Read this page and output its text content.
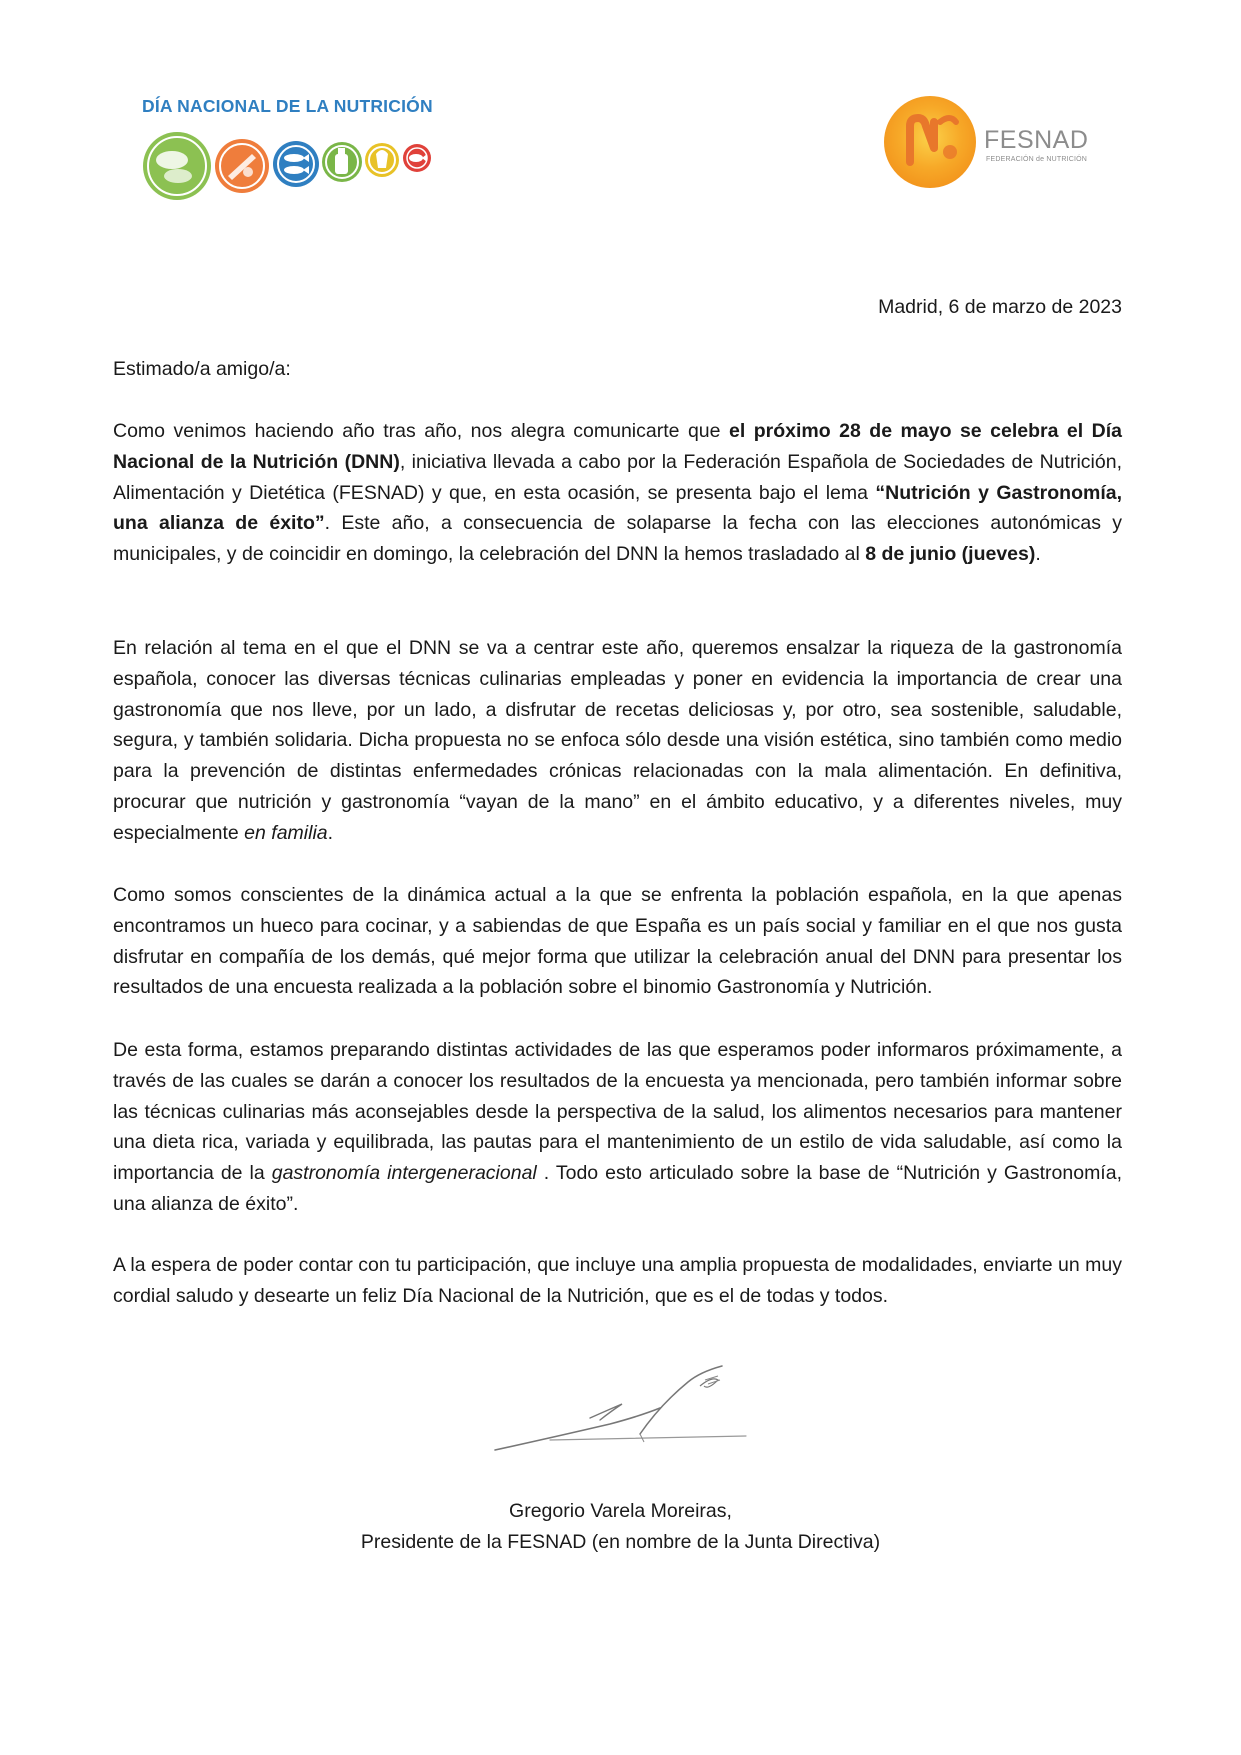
DÍA NACIONAL DE LA NUTRICIÓN
FESNAD
FEDERACIÓN de NUTRICIÓN
Madrid, 6 de marzo de 2023
Estimado/a amigo/a:

Como venimos haciendo año tras año, nos alegra comunicarte que el próximo 28 de mayo se celebra el Día Nacional de la Nutrición (DNN), iniciativa llevada a cabo por la Federación Española de Sociedades de Nutrición, Alimentación y Dietética (FESNAD) y que, en esta ocasión, se presenta bajo el lema “Nutrición y Gastronomía, una alianza de éxito”. Este año, a consecuencia de solaparse la fecha con las elecciones autonómicas y municipales, y de coincidir en domingo, la celebración del DNN la hemos trasladado al 8 de junio (jueves).

En relación al tema en el que el DNN se va a centrar este año, queremos ensalzar la riqueza de la gastronomía española, conocer las diversas técnicas culinarias empleadas y poner en evidencia la importancia de crear una gastronomía que nos lleve, por un lado, a disfrutar de recetas deliciosas y, por otro, sea sostenible, saludable, segura, y también solidaria. Dicha propuesta no se enfoca sólo desde una visión estética, sino también como medio para la prevención de distintas enfermedades crónicas relacionadas con la mala alimentación. En definitiva, procurar que nutrición y gastronomía “vayan de la mano” en el ámbito educativo, y a diferentes niveles, muy especialmente en familia.

Como somos conscientes de la dinámica actual a la que se enfrenta la población española, en la que apenas encontramos un hueco para cocinar, y a sabiendas de que España es un país social y familiar en el que nos gusta disfrutar en compañía de los demás, qué mejor forma que utilizar la celebración anual del DNN para presentar los resultados de una encuesta realizada a la población sobre el binomio Gastronomía y Nutrición.

De esta forma, estamos preparando distintas actividades de las que esperamos poder informaros próximamente, a través de las cuales se darán a conocer los resultados de la encuesta ya mencionada, pero también informar sobre las técnicas culinarias más aconsejables desde la perspectiva de la salud, los alimentos necesarios para mantener una dieta rica, variada y equilibrada, las pautas para el mantenimiento de un estilo de vida saludable, así como la importancia de la gastronomía intergeneracional . Todo esto articulado sobre la base de “Nutrición y Gastronomía, una alianza de éxito”.

A la espera de poder contar con tu participación, que incluye una amplia propuesta de modalidades, enviarte un muy cordial saludo y desearte un feliz Día Nacional de la Nutrición, que es el de todas y todos.

Gregorio Varela Moreiras,
Presidente de la FESNAD (en nombre de la Junta Directiva)
